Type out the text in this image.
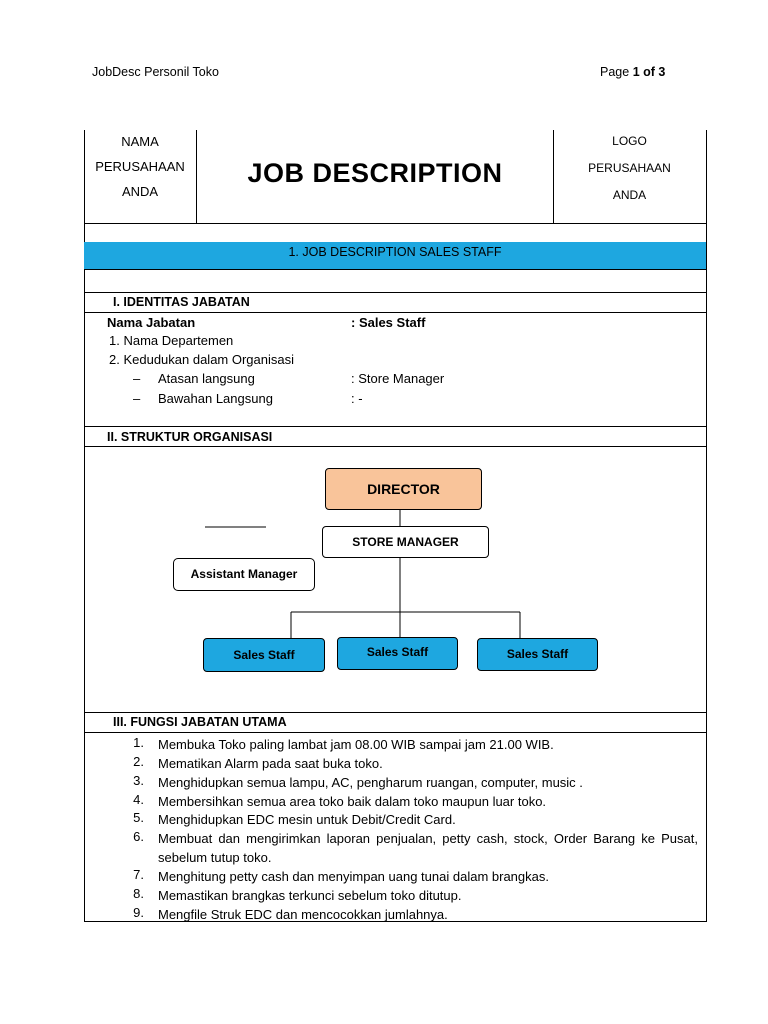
JobDesc Personil Toko	Page 1 of 3
NAMA
PERUSAHAAN
ANDA
JOB DESCRIPTION
LOGO
PERUSAHAAN
ANDA
1. JOB DESCRIPTION SALES STAFF
I. IDENTITAS JABATAN
Nama Jabatan	: Sales Staff
1. Nama Departemen
2. Kedudukan dalam Organisasi
– Atasan langsung	: Store Manager
– Bawahan Langsung	: -
II. STRUKTUR ORGANISASI
DIRECTOR
STORE MANAGER
Assistant Manager
Sales Staff	Sales Staff	Sales Staff
III. FUNGSI JABATAN UTAMA
1. Membuka Toko paling lambat jam 08.00 WIB sampai jam 21.00 WIB.
2. Mematikan Alarm pada saat buka toko.
3. Menghidupkan semua lampu, AC, pengharum ruangan, computer, music .
4. Membersihkan semua area toko baik dalam toko maupun luar toko.
5. Menghidupkan EDC mesin untuk Debit/Credit Card.
6. Membuat dan mengirimkan laporan penjualan, petty cash, stock, Order Barang ke Pusat, sebelum tutup toko.
7. Menghitung petty cash dan menyimpan uang tunai dalam brangkas.
8. Memastikan brangkas terkunci sebelum toko ditutup.
9. Mengfile Struk EDC dan mencocokkan jumlahnya.
